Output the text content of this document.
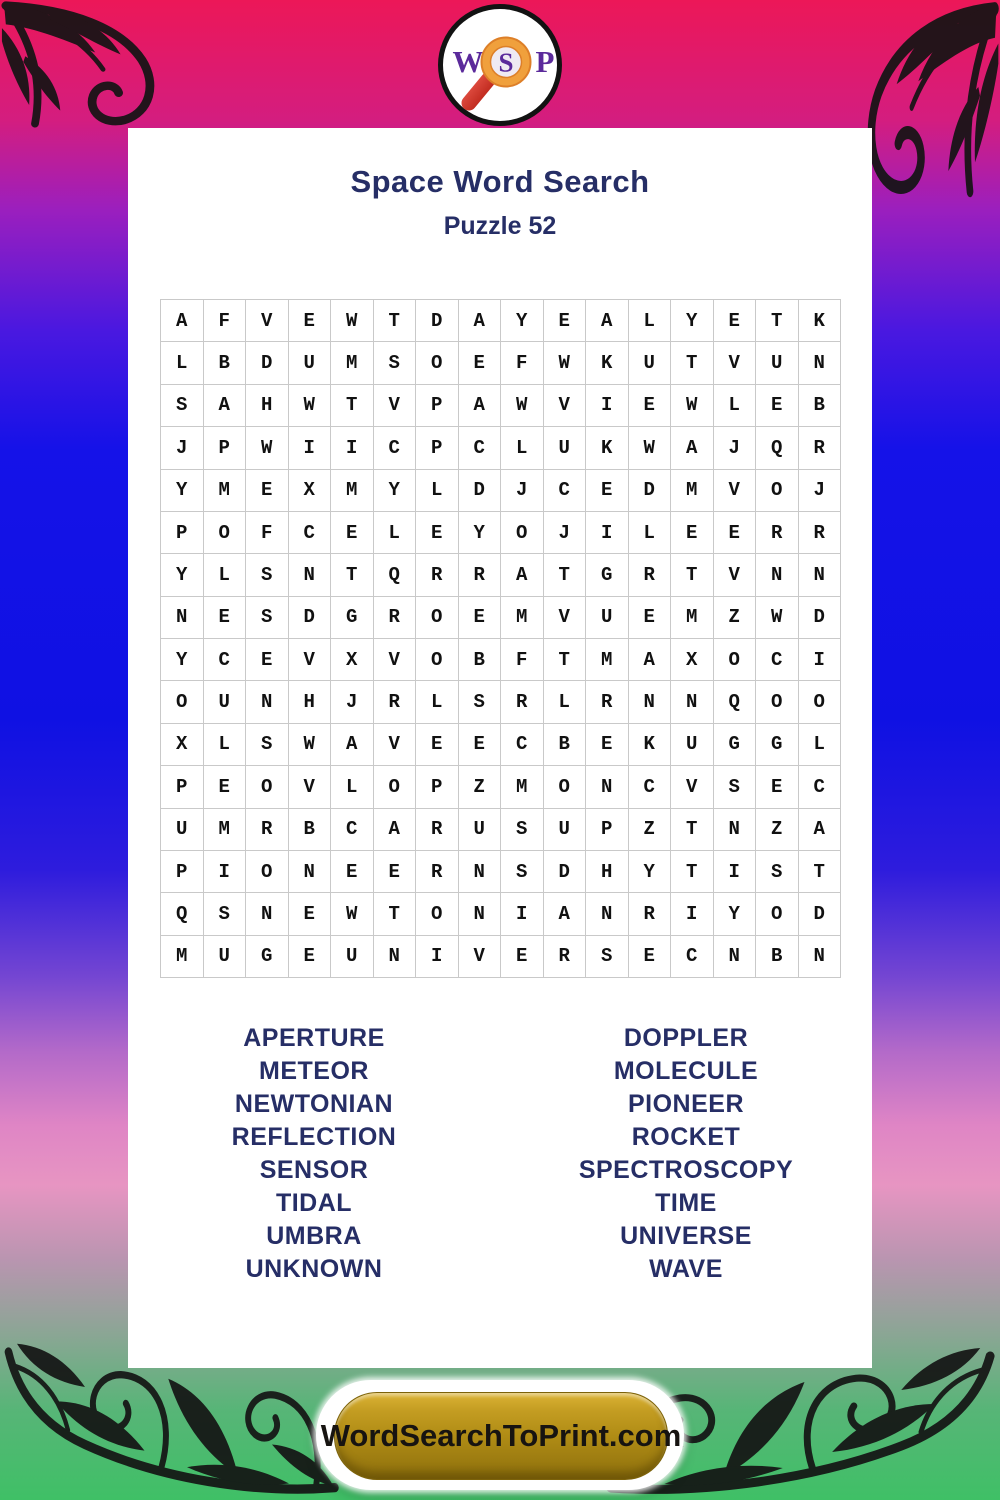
W S P
Space Word Search
Puzzle 52
A	F	V	E	W	T	D	A	Y	E	A	L	Y	E	T	K
L	B	D	U	M	S	O	E	F	W	K	U	T	V	U	N
S	A	H	W	T	V	P	A	W	V	I	E	W	L	E	B
J	P	W	I	I	C	P	C	L	U	K	W	A	J	Q	R
Y	M	E	X	M	Y	L	D	J	C	E	D	M	V	O	J
P	O	F	C	E	L	E	Y	O	J	I	L	E	E	R	R
Y	L	S	N	T	Q	R	R	A	T	G	R	T	V	N	N
N	E	S	D	G	R	O	E	M	V	U	E	M	Z	W	D
Y	C	E	V	X	V	O	B	F	T	M	A	X	O	C	I
O	U	N	H	J	R	L	S	R	L	R	N	N	Q	O	O
X	L	S	W	A	V	E	E	C	B	E	K	U	G	G	L
P	E	O	V	L	O	P	Z	M	O	N	C	V	S	E	C
U	M	R	B	C	A	R	U	S	U	P	Z	T	N	Z	A
P	I	O	N	E	E	R	N	S	D	H	Y	T	I	S	T
Q	S	N	E	W	T	O	N	I	A	N	R	I	Y	O	D
M	U	G	E	U	N	I	V	E	R	S	E	C	N	B	N
APERTURE
METEOR
NEWTONIAN
REFLECTION
SENSOR
TIDAL
UMBRA
UNKNOWN
DOPPLER
MOLECULE
PIONEER
ROCKET
SPECTROSCOPY
TIME
UNIVERSE
WAVE
WordSearchToPrint.com
